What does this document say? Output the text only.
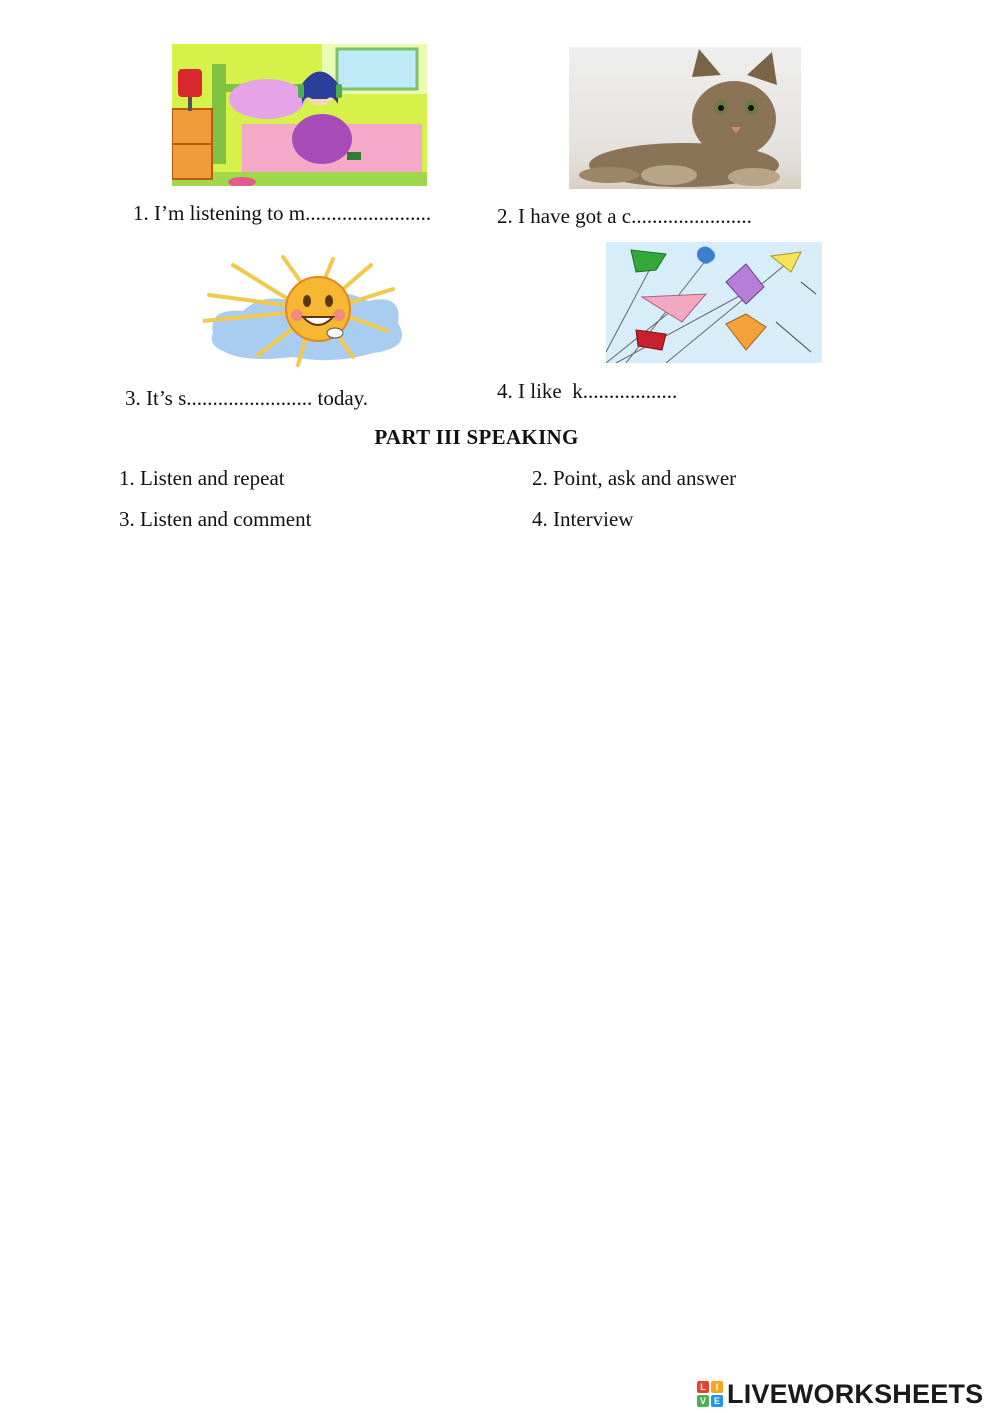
1. I’m listening to m........................	2. I have got a c.......................
3. It’s s........................ today.	4. I like  k..................
PART III SPEAKING
1. Listen and repeat	2. Point, ask and answer
3. Listen and comment	4. Interview
L	I
V E LIVEWORKSHEETS
